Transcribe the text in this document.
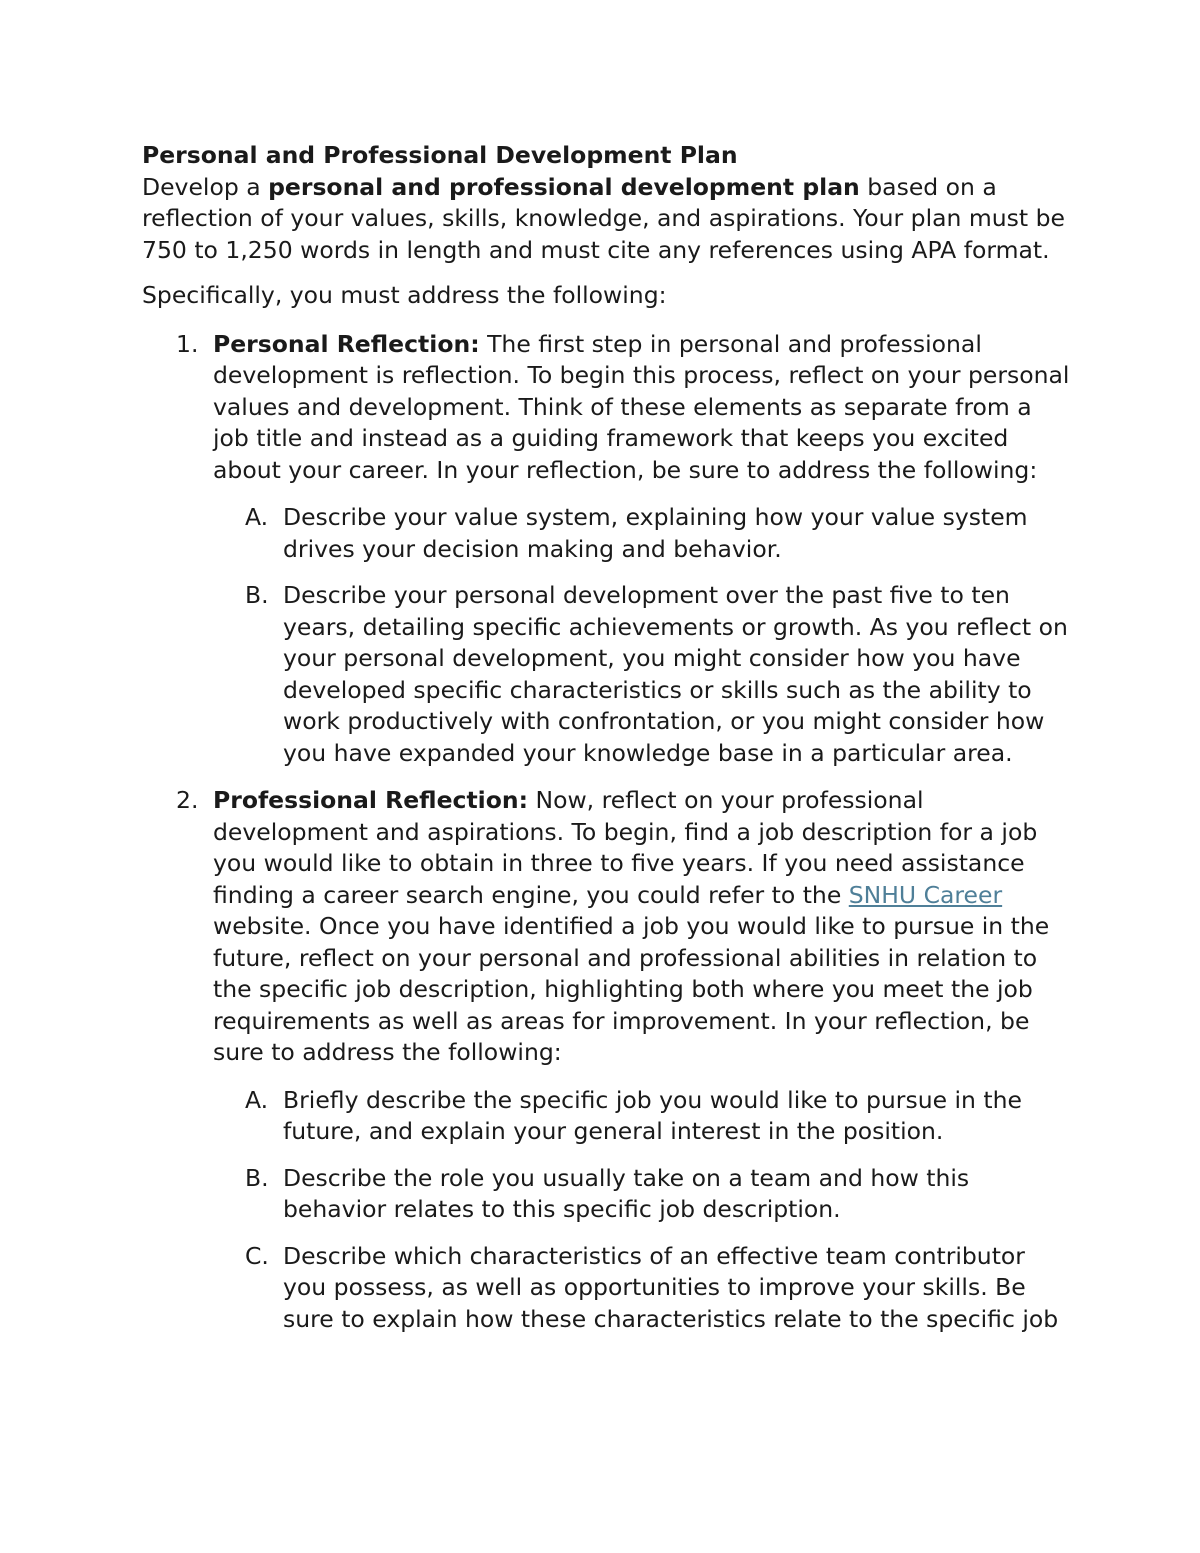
Personal and Professional Development Plan

Develop a personal and professional development plan based on a reflection of your values, skills, knowledge, and aspirations. Your plan must be 750 to 1,250 words in length and must cite any references using APA format.

Specifically, you must address the following:

1. Personal Reflection: The first step in personal and professional development is reflection. To begin this process, reflect on your personal values and development. Think of these elements as separate from a job title and instead as a guiding framework that keeps you excited about your career. In your reflection, be sure to address the following:
A. Describe your value system, explaining how your value system drives your decision making and behavior.
B. Describe your personal development over the past five to ten years, detailing specific achievements or growth. As you reflect on your personal development, you might consider how you have developed specific characteristics or skills such as the ability to work productively with confrontation, or you might consider how you have expanded your knowledge base in a particular area.
2. Professional Reflection: Now, reflect on your professional development and aspirations. To begin, find a job description for a job you would like to obtain in three to five years. If you need assistance finding a career search engine, you could refer to the SNHU Career website. Once you have identified a job you would like to pursue in the future, reflect on your personal and professional abilities in relation to the specific job description, highlighting both where you meet the job requirements as well as areas for improvement. In your reflection, be sure to address the following:
A. Briefly describe the specific job you would like to pursue in the future, and explain your general interest in the position.
B. Describe the role you usually take on a team and how this behavior relates to this specific job description.
C. Describe which characteristics of an effective team contributor you possess, as well as opportunities to improve your skills. Be sure to explain how these characteristics relate to the specific job
